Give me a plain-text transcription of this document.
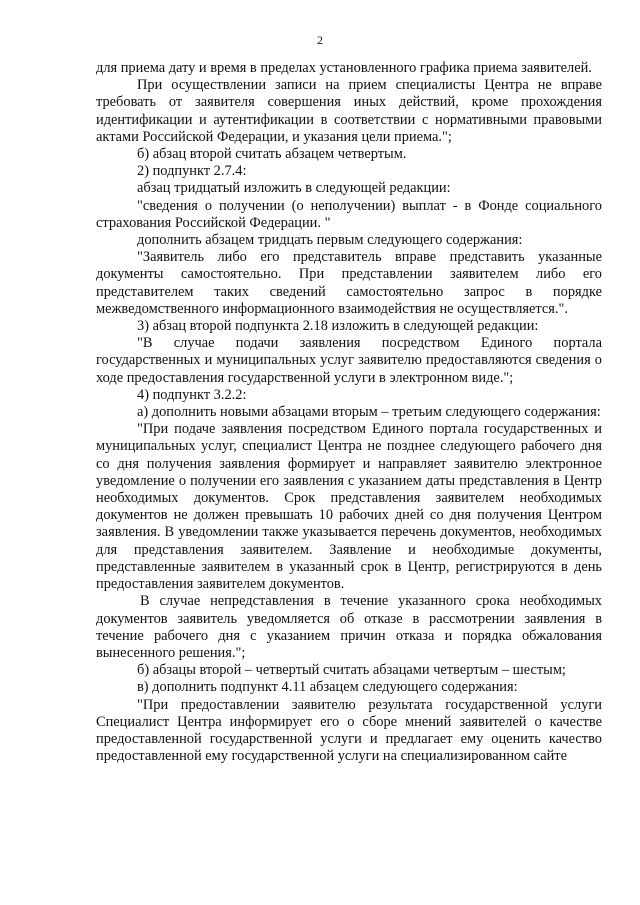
2

для приема дату и время в пределах установленного графика приема заявителей.

При осуществлении записи на прием специалисты Центра не вправе требовать от заявителя совершения иных действий, кроме прохождения идентификации и аутентификации в соответствии с нормативными правовыми актами Российской Федерации, и указания цели приема.";

б) абзац второй считать абзацем четвертым.

2) подпункт 2.7.4:

абзац тридцатый изложить в следующей редакции:

"сведения о получении (о неполучении) выплат - в Фонде социального страхования Российской Федерации. "

дополнить абзацем тридцать первым следующего содержания:

"Заявитель либо его представитель вправе представить указанные документы самостоятельно. При представлении заявителем либо его представителем таких сведений самостоятельно запрос в порядке межведомственного информационного взаимодействия не осуществляется.".

3) абзац второй подпункта 2.18 изложить в следующей редакции:

"В случае подачи заявления посредством Единого портала государственных и муниципальных услуг заявителю предоставляются сведения о ходе предоставления государственной услуги в электронном виде.";

4) подпункт 3.2.2:

а) дополнить новыми абзацами вторым – третьим следующего содержания:

"При подаче заявления посредством Единого портала государственных и муниципальных услуг, специалист Центра не позднее следующего рабочего дня со дня получения заявления формирует и направляет заявителю электронное уведомление о получении его заявления с указанием даты представления в Центр необходимых документов. Срок представления заявителем необходимых документов не должен превышать 10 рабочих дней со дня получения Центром заявления. В уведомлении также указывается перечень документов, необходимых для представления заявителем. Заявление и необходимые документы, представленные заявителем в указанный срок в Центр, регистрируются в день предоставления заявителем документов.

В случае непредставления в течение указанного срока необходимых документов заявитель уведомляется об отказе в рассмотрении заявления в течение рабочего дня с указанием причин отказа и порядка обжалования вынесенного решения.";

б) абзацы второй – четвертый считать абзацами четвертым – шестым;

в) дополнить подпункт 4.11 абзацем следующего содержания:

"При предоставлении заявителю результата государственной услуги Специалист Центра информирует его о сборе мнений заявителей о качестве предоставленной государственной услуги и предлагает ему оценить качество предоставленной ему государственной услуги на специализированном сайте
